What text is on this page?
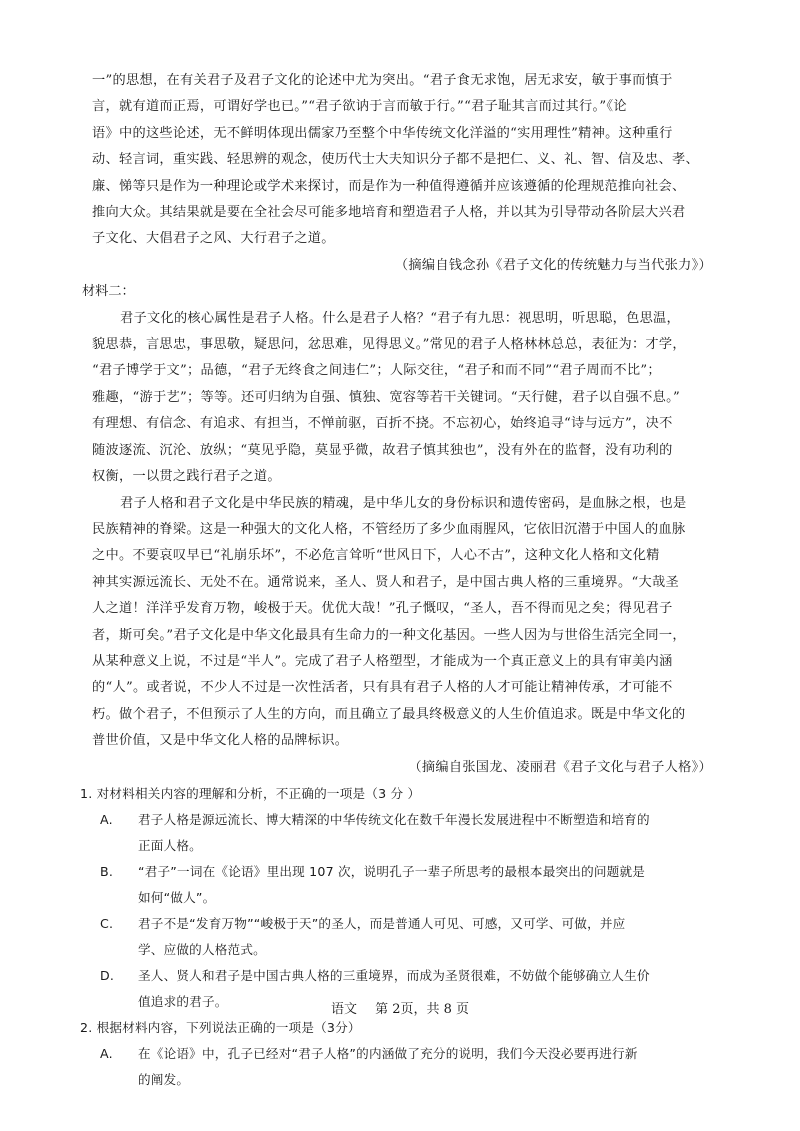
一”的思想，在有关君子及君子文化的论述中尤为突出。“君子食无求饱，居无求安，敏于事而慎于
言，就有道而正焉，可谓好学也已。”“君子欲讷于言而敏于行。”“君子耻其言而过其行。”《论
语》中的这些论述，无不鲜明体现出儒家乃至整个中华传统文化洋溢的“实用理性”精神。这种重行
动、轻言词，重实践、轻思辨的观念，使历代士大夫知识分子都不是把仁、义、礼、智、信及忠、孝、
廉、悌等只是作为一种理论或学术来探讨，而是作为一种值得遵循并应该遵循的伦理规范推向社会、
推向大众。其结果就是要在全社会尽可能多地培育和塑造君子人格，并以其为引导带动各阶层大兴君
子文化、大倡君子之风、大行君子之道。
（摘编自钱念孙《君子文化的传统魅力与当代张力》）
材料二：
君子文化的核心属性是君子人格。什么是君子人格？“君子有九思：视思明，听思聪，色思温，
貌思恭，言思忠，事思敬，疑思问，忿思难，见得思义。”常见的君子人格林林总总，表征为：才学，
“君子博学于文”；品德，“君子无终食之间违仁”；人际交往，“君子和而不同”“君子周而不比”；
雅趣，“游于艺”；等等。还可归纳为自强、慎独、宽容等若干关键词。“天行健，君子以自强不息。”
有理想、有信念、有追求、有担当，不惮前驱，百折不挠。不忘初心，始终追寻“诗与远方”，决不
随波逐流、沉沦、放纵；“莫见乎隐，莫显乎微，故君子慎其独也”，没有外在的监督，没有功利的
权衡，一以贯之践行君子之道。
君子人格和君子文化是中华民族的精魂，是中华儿女的身份标识和遗传密码，是血脉之根，也是
民族精神的脊梁。这是一种强大的文化人格，不管经历了多少血雨腥风，它依旧沉潜于中国人的血脉
之中。不要哀叹早已“礼崩乐坏”，不必危言耸听“世风日下，人心不古”，这种文化人格和文化精
神其实源远流长、无处不在。通常说来，圣人、贤人和君子，是中国古典人格的三重境界。“大哉圣
人之道！洋洋乎发育万物，峻极于天。优优大哉！”孔子慨叹，“圣人，吾不得而见之矣；得见君子
者，斯可矣。”君子文化是中华文化最具有生命力的一种文化基因。一些人因为与世俗生活完全同一，
从某种意义上说，不过是“半人”。完成了君子人格塑型，才能成为一个真正意义上的具有审美内涵
的“人”。或者说，不少人不过是一次性活者，只有具有君子人格的人才可能让精神传承，才可能不
朽。做个君子，不但预示了人生的方向，而且确立了最具终极意义的人生价值追求。既是中华文化的
普世价值，又是中华文化人格的品牌标识。
（摘编自张国龙、凌丽君《君子文化与君子人格》）
1. 对材料相关内容的理解和分析，不正确的一项是（3 分 ）
A. 君子人格是源远流长、博大精深的中华传统文化在数千年漫长发展进程中不断塑造和培育的
正面人格。
B. “君子”一词在《论语》里出现 107 次，说明孔子一辈子所思考的最根本最突出的问题就是
如何“做人”。
C. 君子不是“发育万物”“峻极于天”的圣人，而是普通人可见、可感，又可学、可做，并应
学、应做的人格范式。
D. 圣人、贤人和君子是中国古典人格的三重境界，而成为圣贤很难，不妨做个能够确立人生价
值追求的君子。
2. 根据材料内容，下列说法正确的一项是（3分）
A. 在《论语》中，孔子已经对“君子人格”的内涵做了充分的说明，我们今天没必要再进行新
的阐发。
语文 第 2页，共 8 页
